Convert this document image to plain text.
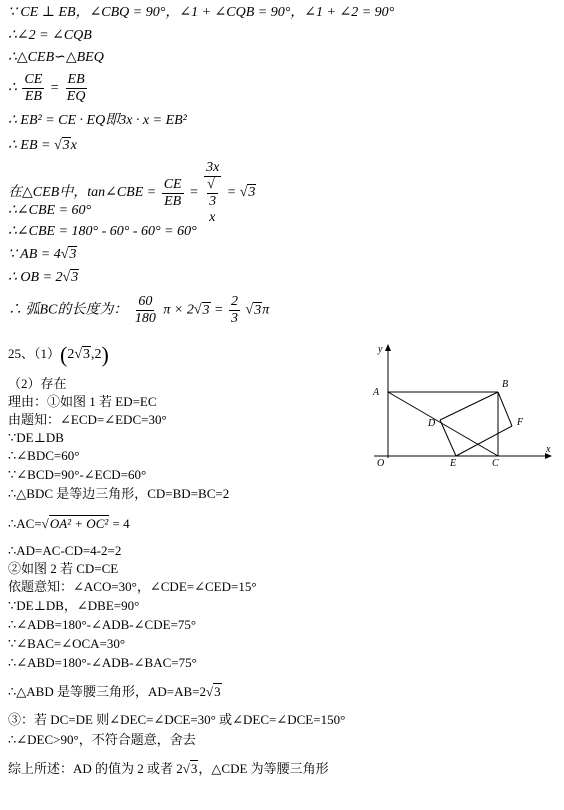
∵ CE ⊥ EB，∠CBQ = 90°，∠1 + ∠CQB = 90°，∠1 + ∠2 = 90°
∴∠2 = ∠CQB
∴△CEB∽△BEQ
∴ $\frac{CE}{EB} = \frac{EB}{EQ}$
∴ EB² = CE · EQ即3x · x = EB²
∴ EB = √3x
在△CEB中，tan∠CBE = $\frac{CE}{EB} = 3x$
√
3
x = √3
∴∠CBE = 60°
∴∠CBE = 180° - 60° - 60° = 60°
∵ AB = 4√3
∴ OB = 2√3
∴ 弧BC的长度为： $\frac{60}{180}$ $\pi \times 2√3 = \frac{2}{3} √3\pi$
25、（1）(2√3,2)
（2）存在
理由：①如图 1 若 ED=EC
由题知：∠ECD=∠EDC=30°
∵DE⊥DB
∴∠BDC=60°
∵∠BCD=90°-∠ECD=60°
∴△BDC 是等边三角形，CD=BD=BC=2
∴AC=√OA² + OC² = 4
∴AD=AC-CD=4-2=2
②如图 2 若 CD=CE
依题意知：∠ACO=30°，∠CDE=∠CED=15°
∵DE⊥DB，∠DBE=90°
∴∠ADB=180°-∠ADB-∠CDE=75°
∵∠BAC=∠OCA=30°
∴∠ABD=180°-∠ADB-∠BAC=75°
∴△ABD 是等腰三角形，AD=AB=2√3
③：若 DC=DE 则∠DEC=∠DCE=30° 或∠DEC=∠DCE=150°
∴∠DEC>90°，不符合题意，舍去
综上所述：AD 的值为 2 或者 2√3，△CDE 为等腰三角形
y
x
A
B
C
D
E
F
O
